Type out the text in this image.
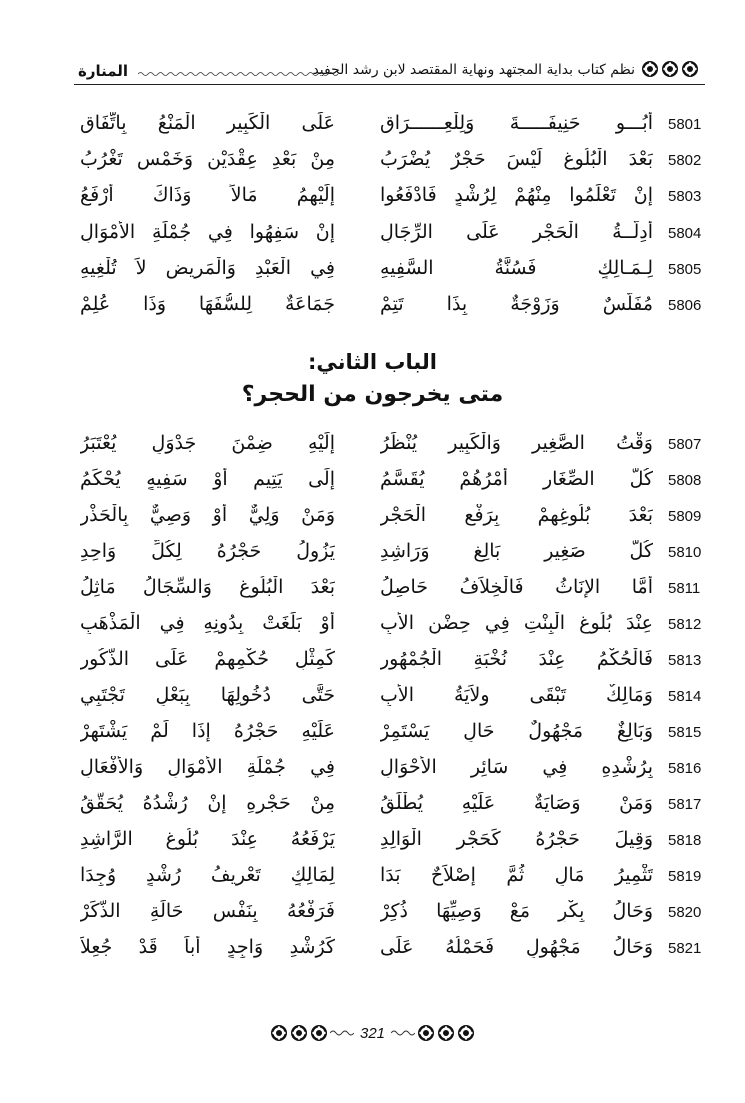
المنارة	نظم كتاب بداية المجتهد ونهاية المقتصد لابن رشد الحفيد
5801
أَبُـــو حَنِيفَـــــةَ وَلِلْعِــــــرَاقِ
عَلَى الْكَبِيرِ الْمَنْعُ بِاتِّفَاقِ
5802
بَعْدَ الْبُلُوغِ لَيْسَ حَجْرٌ يُضْرَبُ
مِنْ بَعْدِ عِقْدَيْنِ وَخَمْسٍ تَغْرُبُ
5803
إِنْ تَعْلَمُوا مِنْهُمْ لِرُشْدٍ فَادْفَعُوا
إِلَيْهِمُ مَالاً وَذَاكَ أَرْفَعُ
5804
أَدِلَّــةُ الْحَجْرِ عَلَى الرِّجَالِ
إِنْ سَفِهُوا فِي جُمْلَةِ الأَمْوَالِ
5805
لِـمَـالِكٍ فَسُنَّةُ السَّفِيهِ
فِي الْعَبْدِ وَالْمَرِيضِ لاَ تُلْغِيهِ
5806
مُفَلَّسٌ وَزَوْجَةٌ بِذَا تَتِمْ
جَمَاعَةٌ لِلسُّفَهَا وَذَا عُلِمْ
الباب الثاني:
متى يخرجون من الحجر؟
5807
وَقْتُ الصَّغِيرِ وَالْكَبِيرِ يُنْظَرُ
إِلَيْهِ ضِمْنَ جَدْوَلٍ يُعْتَبَرُ
5808
كُلُّ الصِّغَارِ أَمْرُهُمْ يُقَسَّمُ
إِلَى يَتِيمٍ أَوْ سَفِيهٍ يُحْكَمُ
5809
بَعْدَ بُلُوغِهِمْ بِرَفْعِ الْحَجْرِ
وَمَنْ وَلِيٌّ أَوْ وَصِيٌّ بِالْحَذْرِ
5810
كُلُّ صَغِيرٍ بَالِغٍ وَرَاشِدِ
يَزُولُ حَجْرُهُ لِكُلِّ وَاحِدِ
5811
أَمَّا الإِنَاثُ فَالْخِلاَفُ حَاصِلُ
بَعْدَ الْبُلُوغِ وَالسِّجَالُ مَاثِلُ
5812
عِنْدَ بُلُوغِ الْبِنْتِ فِي حِضْنِ الأَبِ
أَوْ بَلَغَتْ بِدُونِهِ فِي الْمَذْهَبِ
5813
فَالْحُكْمُ عِنْدَ نُخْبَةِ الْجُمْهُورِ
كَمِثْلِ حُكْمِهِمْ عَلَى الذُّكُورِ
5814
وَمَالِكٌ تَبْقَى وِلاَيَةُ الأَبِ
حَتَّى دُخُولِهَا بِبَعْلٍ تَجْتَبِي
5815
وَبَالِغٌ مَجْهُولٌ حَالٍ يَسْتَمِرْ
عَلَيْهِ حَجْرُهُ إِذَا لَمْ يَشْتَهِرْ
5816
بِرُشْدِهِ فِي سَائِرِ الأَحْوَالِ
فِي جُمْلَةِ الأَمْوَالِ وَالأَفْعَالِ
5817
وَمَنْ وَصَايَةٌ عَلَيْهِ يُطْلَقُ
مِنْ حَجْرِهِ إِنْ رُشْدُهُ يُحَقَّقُ
5818
وَقِيلَ حَجْرُهُ كَحَجْرِ الْوَالِدِ
يَرْفَعُهُ عِنْدَ بُلُوغِ الرَّاشِدِ
5819
تَثْمِيرُ مَالٍ ثُمَّ إِصْلاَحٌ بَدَا
لِمَالِكٍ تَعْرِيفُ رُشْدٍ وُجِدَا
5820
وَحَالُ بِكْرٍ مَعْ وَصِيِّهَا ذُكِرْ
فَرَفْعُهُ بِنَفْسِ حَالَةِ الذَّكَرْ
5821
وَحَالُ مَجْهُولٍ فَحَمْلُهُ عَلَى
كَرُشْدِ وَاجِدٍ أَباً قَدْ جُعِلاَ
321
